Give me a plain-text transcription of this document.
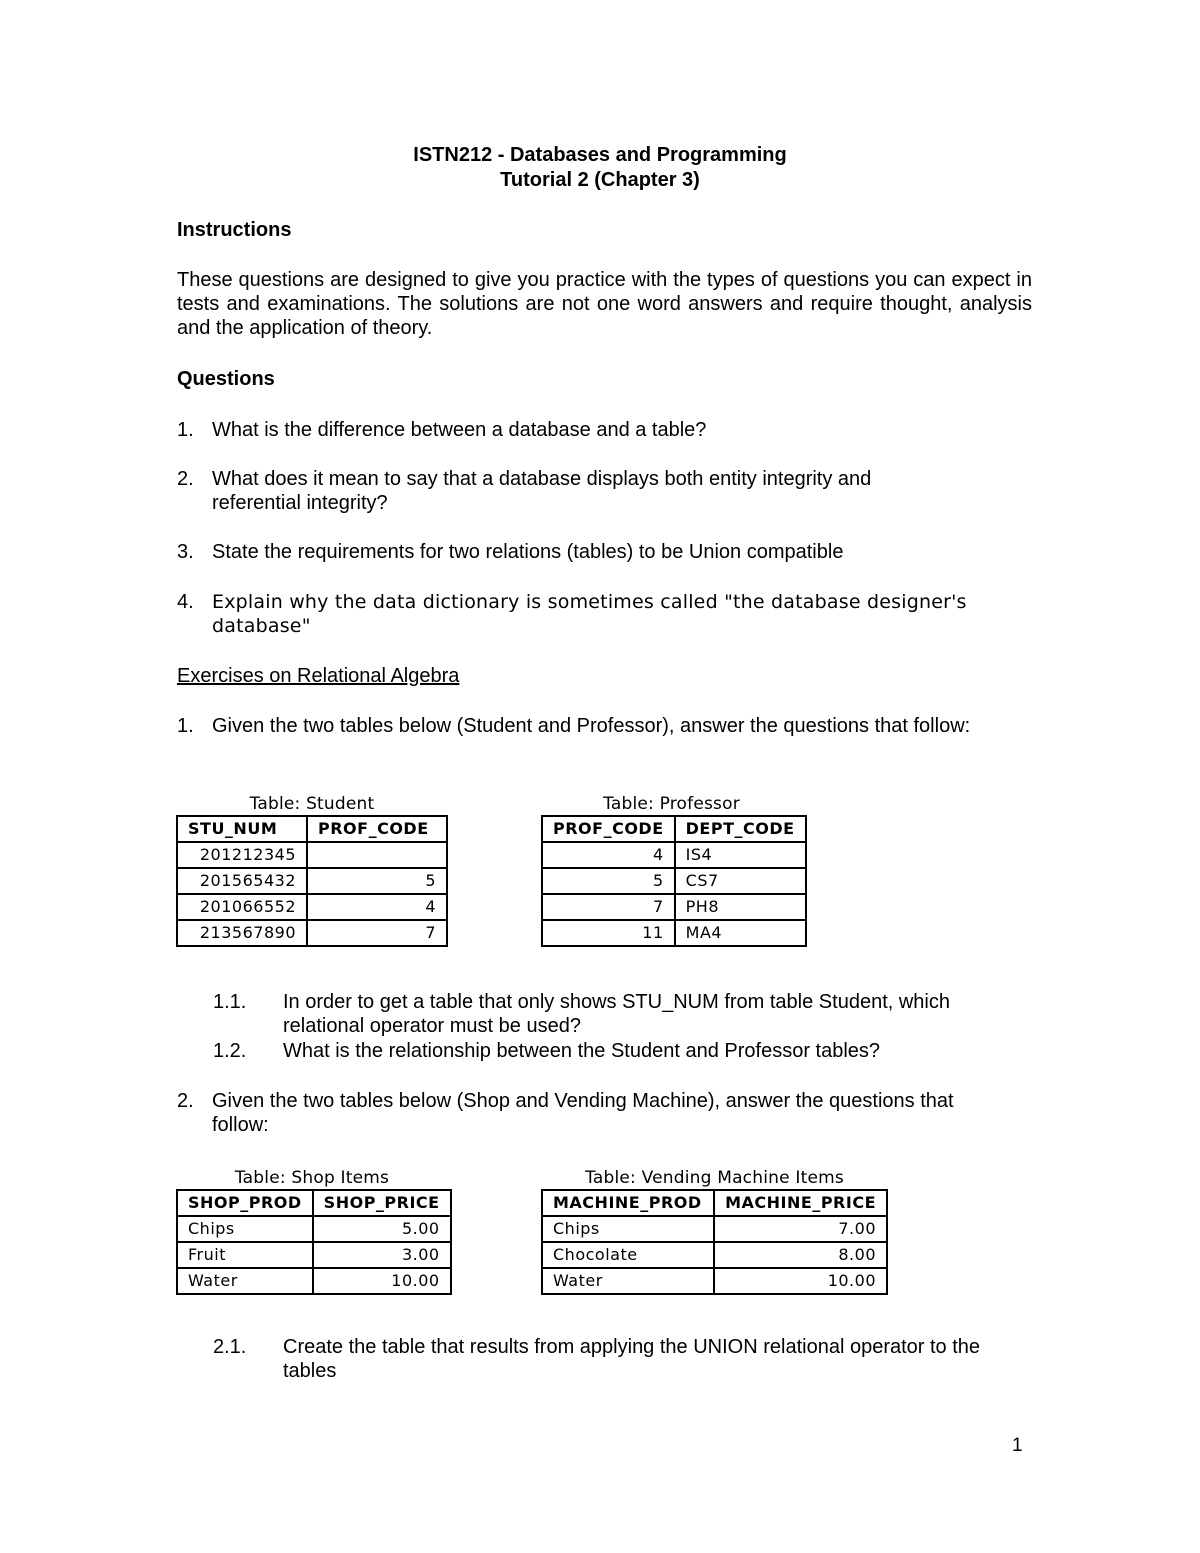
ISTN212 - Databases and Programming
Tutorial 2 (Chapter 3)
Instructions
These questions are designed to give you practice with the types of questions you can expect in tests and examinations. The solutions are not one word answers and require thought, analysis and the application of theory.
Questions
1. What is the difference between a database and a table?
2. What does it mean to say that a database displays both entity integrity and referential integrity?
3. State the requirements for two relations (tables) to be Union compatible
4. Explain why the data dictionary is sometimes called "the database designer's database"
Exercises on Relational Algebra
1. Given the two tables below (Student and Professor), answer the questions that follow:
Table: Student
STU_NUM	PROF_CODE
201212345	
201565432	5
201066552	4
213567890	7
Table: Professor
PROF_CODE	DEPT_CODE
4	IS4
5	CS7
7	PH8
11	MA4
1.1. In order to get a table that only shows STU_NUM from table Student, which relational operator must be used?
1.2. What is the relationship between the Student and Professor tables?
2. Given the two tables below (Shop and Vending Machine), answer the questions that follow:
Table: Shop Items
SHOP_PROD	SHOP_PRICE
Chips	5.00
Fruit	3.00
Water	10.00
Table: Vending Machine Items
MACHINE_PROD	MACHINE_PRICE
Chips	7.00
Chocolate	8.00
Water	10.00
2.1. Create the table that results from applying the UNION relational operator to the tables
1
